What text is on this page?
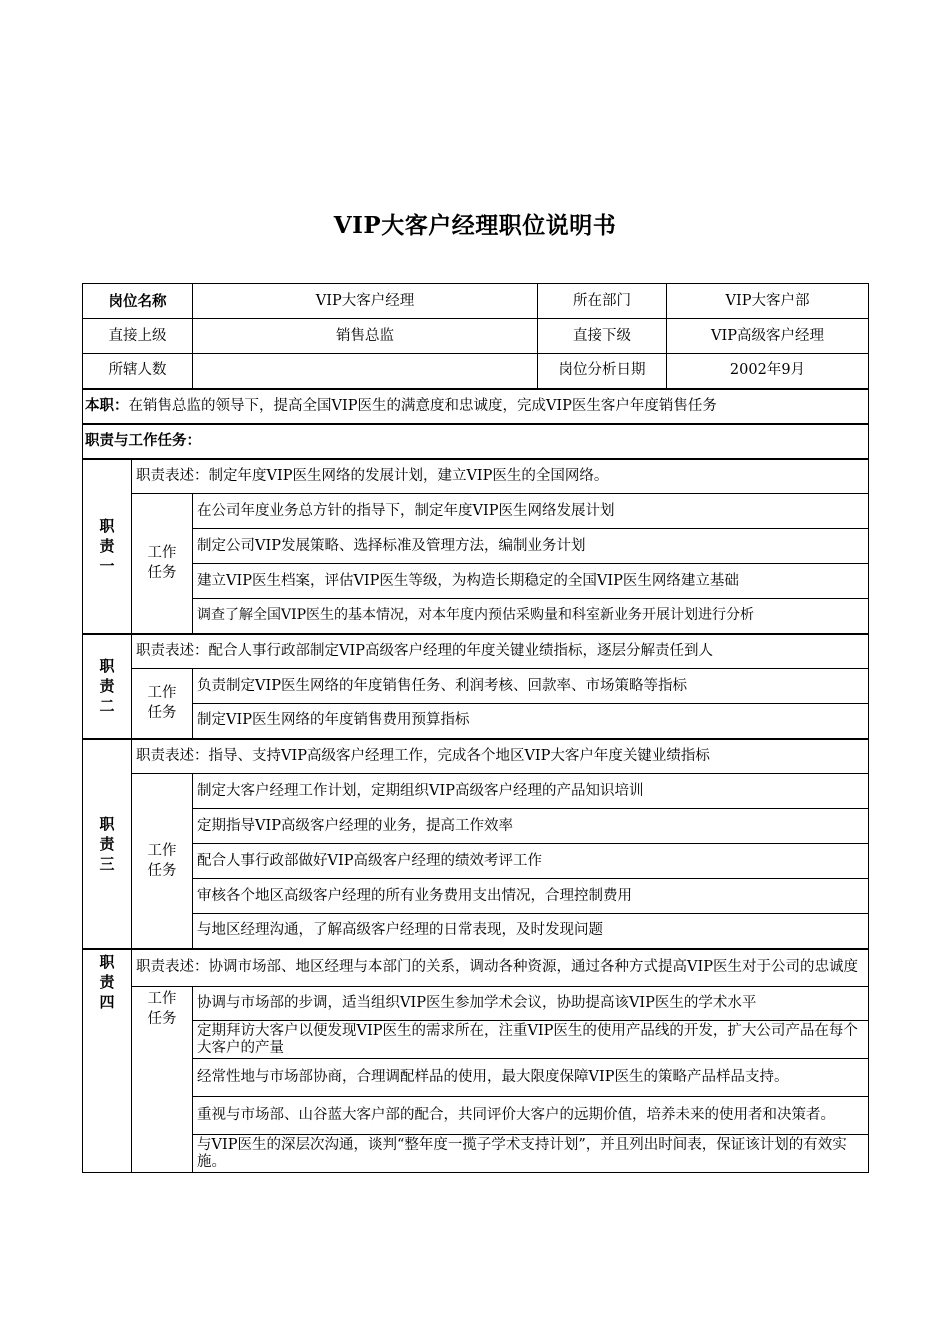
VIP大客户经理职位说明书
岗位名称		VIP大客户经理	所在部门	VIP大客户部
直接上级		销售总监	直接下级	VIP高级客户经理
所辖人数			岗位分析日期	2002年9月
本职：在销售总监的领导下，提高全国VIP医生的满意度和忠诚度，完成VIP医生客户年度销售任务				
职责与工作任务：				
职责一	职责表述：制定年度VIP医生网络的发展计划，建立VIP医生的全国网络。			
	工作任务	在公司年度业务总方针的指导下，制定年度VIP医生网络发展计划		
		制定公司VIP发展策略、选择标准及管理方法，编制业务计划		
		建立VIP医生档案，评估VIP医生等级，为构造长期稳定的全国VIP医生网络建立基础		
		调查了解全国VIP医生的基本情况，对本年度内预估采购量和科室新业务开展计划进行分析		
职责二	职责表述：配合人事行政部制定VIP高级客户经理的年度关键业绩指标，逐层分解责任到人			
	工作任务	负责制定VIP医生网络的年度销售任务、利润考核、回款率、市场策略等指标		
		制定VIP医生网络的年度销售费用预算指标		
职责三	职责表述：指导、支持VIP高级客户经理工作，完成各个地区VIP大客户年度关键业绩指标			
	工作任务	制定大客户经理工作计划，定期组织VIP高级客户经理的产品知识培训		
		定期指导VIP高级客户经理的业务，提高工作效率		
		配合人事行政部做好VIP高级客户经理的绩效考评工作		
		审核各个地区高级客户经理的所有业务费用支出情况，合理控制费用		
		与地区经理沟通，了解高级客户经理的日常表现，及时发现问题		
职责四	职责表述：协调市场部、地区经理与本部门的关系，调动各种资源，通过各种方式提高VIP医生对于公司的忠诚度			
	工作任务	协调与市场部的步调，适当组织VIP医生参加学术会议，协助提高该VIP医生的学术水平		
		定期拜访大客户以便发现VIP医生的需求所在，注重VIP医生的使用产品线的开发，扩大公司产品在每个大客户的产量		
		经常性地与市场部协商，合理调配样品的使用，最大限度保障VIP医生的策略产品样品支持。		
		重视与市场部、山谷蓝大客户部的配合，共同评价大客户的远期价值，培养未来的使用者和决策者。		
		与VIP医生的深层次沟通，谈判“整年度一揽子学术支持计划”，并且列出时间表，保证该计划的有效实施。		
